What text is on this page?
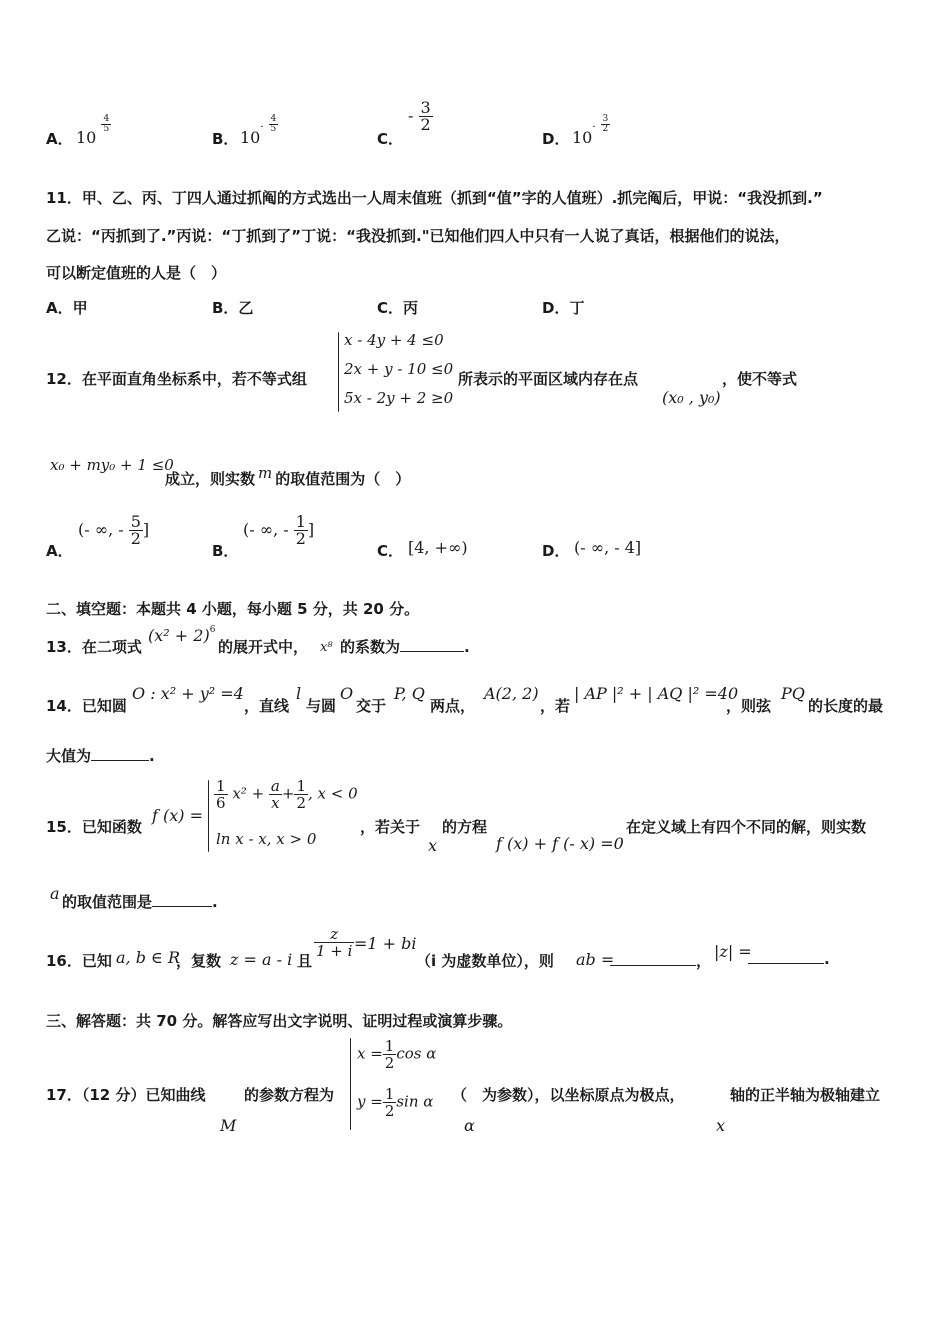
A． 10
$\frac{4}{5}$
B． $10^- \frac{4}{5}$
C．
- $\frac{3}{2}$
D． $10^- \frac{3}{2}$
11．甲、乙、丙、丁四人通过抓阄的方式选出一人周末值班（抓到“值”字的人值班）.抓完阄后，甲说：“我没抓到.”
乙说：“丙抓到了.”丙说：“丁抓到了”丁说：“我没抓到."已知他们四人中只有一人说了真话，根据他们的说法，
可以断定值班的人是（　）
A．甲	B．乙	C．丙	D．丁
12．在平面直角坐标系中，若不等式组
x - 4y + 4 ≤0
2x + y - 10 ≤0
5x - 2y + 2 ≥0
所表示的平面区域内存在点
(x₀ , y₀)
，使不等式
x₀ + my₀ + 1 ≤0
成立，则实数 m 的取值范围为（　）
A．
(- ∞, - $\frac{5}{2}$ ]
B．
(- ∞, - $\frac{1}{2}$ ]
C． [4, +∞)	D． (- ∞, - 4]
二、填空题：本题共 4 小题，每小题 5 分，共 20 分。
13．在二项式
$(x^2 + 2)^6$
的展开式中， x⁸ 的系数为	.
14．已知圆
O : x² + y² =4
，直线
l
与圆
O
交于
P, Q
两点，
A(2, 2)
，若
| AP |² + | AQ |² =40
，则弦
PQ
的长度的最
大值为	.
15．已知函数
f (x) =
$\frac{1}{6} x^2 + \frac{a}{x} + \frac{1}{2}$ , x < 0
ln x - x, x > 0
，若关于
x
的方程
f (x) + f (- x) =0
在定义域上有四个不同的解，则实数
a 的取值范围是	.
16．已知 a, b ∈ R
，复数 z = a - i 且
$\frac{z}{1 + i} =1$ + bi
（i 为虚数单位），则 ab =	， |z| =	.
三、解答题：共 70 分。解答应写出文字说明、证明过程或演算步骤。
17．（12 分）已知曲线
M
的参数方程为
$x = \frac{1}{2}$ cos α
$y = \frac{1}{2}$ sin α （　为参数），以坐标原点为极点，
α
轴的正半轴为极轴建立
x
